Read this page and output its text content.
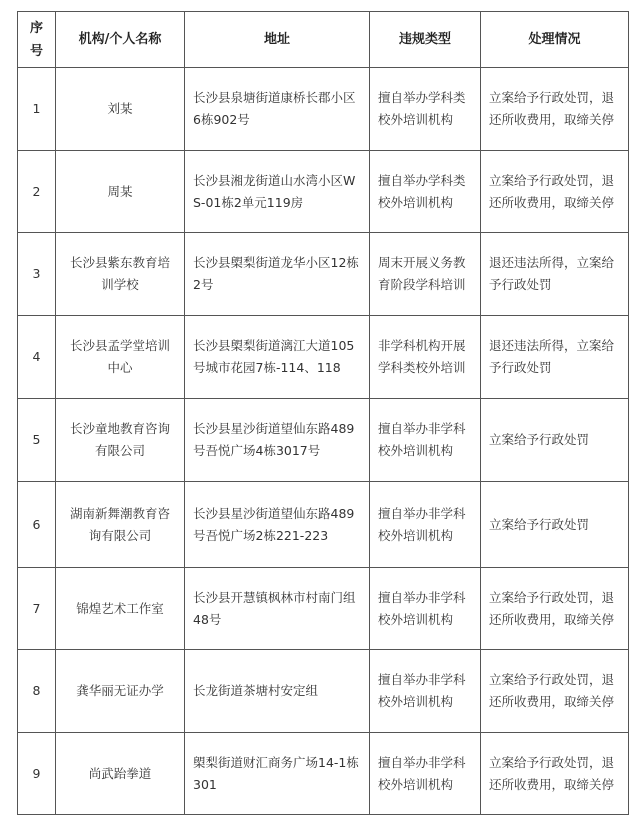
序号	机构/个人名称	地址	违规类型	处理情况
1	刘某	长沙县泉塘街道康桥长郡小区6栋902号	擅自举办学科类校外培训机构	立案给予行政处罚，退还所收费用，取缔关停
2	周某	长沙县湘龙街道山水湾小区WS-01栋2单元119房	擅自举办学科类校外培训机构	立案给予行政处罚，退还所收费用，取缔关停
3	长沙县紫东教育培训学校	长沙县㮾梨街道龙华小区12栋2号	周末开展义务教育阶段学科培训	退还违法所得，立案给予行政处罚
4	长沙县孟学堂培训中心	长沙县㮾梨街道漓江大道105号城市花园7栋-114、118	非学科机构开展学科类校外培训	退还违法所得，立案给予行政处罚
5	长沙童地教育咨询有限公司	长沙县星沙街道望仙东路489号吾悦广场4栋3017号	擅自举办非学科校外培训机构	立案给予行政处罚
6	湖南新舞潮教育咨询有限公司	长沙县星沙街道望仙东路489号吾悦广场2栋221-223	擅自举办非学科校外培训机构	立案给予行政处罚
7	锦煌艺术工作室	长沙县开慧镇枫林市村南门组48号	擅自举办非学科校外培训机构	立案给予行政处罚，退还所收费用，取缔关停
8	龚华丽无证办学	长龙街道茶塘村安定组	擅自举办非学科校外培训机构	立案给予行政处罚，退还所收费用，取缔关停
9	尚武跆拳道	㮾梨街道财汇商务广场14-1栋301	擅自举办非学科校外培训机构	立案给予行政处罚，退还所收费用，取缔关停
